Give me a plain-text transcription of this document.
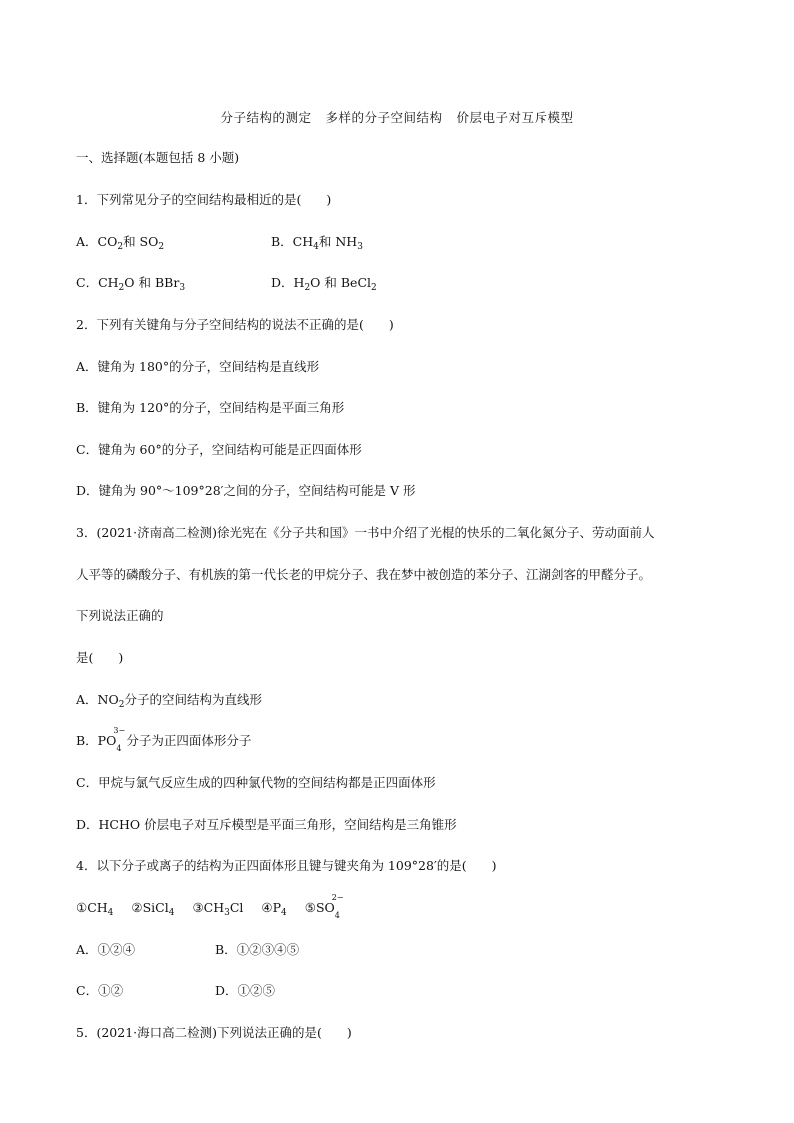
分子结构的测定 多样的分子空间结构 价层电子对互斥模型
一、选择题(本题包括 8 小题)
1．下列常见分子的空间结构最相近的是(　　)
A．$CO_2$和 $SO_2$	B．$CH_4$和 $NH_3$
C．$CH_2O$ 和 BBr$_3$	D．$H_2O$ 和 BeCl$_2$
2．下列有关键角与分子空间结构的说法不正确的是(　　)
A．键角为 180°的分子，空间结构是直线形
B．键角为 120°的分子，空间结构是平面三角形
C．键角为 60°的分子，空间结构可能是正四面体形
D．键角为 90°～109°28′之间的分子，空间结构可能是 V 形
3．(2021·济南高二检测)徐光宪在《分子共和国》一书中介绍了光棍的快乐的二氧化氮分子、劳动面前人
人平等的磷酸分子、有机族的第一代长老的甲烷分子、我在梦中被创造的苯分子、江湖剑客的甲醛分子。
下列说法正确的
是(　　)
A．$NO_2$分子的空间结构为直线形
B．PO
3−
4
分子为正四面体形分子
C．甲烷与氯气反应生成的四种氯代物的空间结构都是正四面体形
D．HCHO 价层电子对互斥模型是平面三角形，空间结构是三角锥形
4．以下分子或离子的结构为正四面体形且键与键夹角为 109°28′的是(　　)
$①CH_4$ ②SiCl$_4$ $③CH_3Cl$ $④P_4$ ⑤SO
2−
4
A．①②④	B．①②③④⑤
C．①②	D．①②⑤
5．(2021·海口高二检测)下列说法正确的是(　　)
